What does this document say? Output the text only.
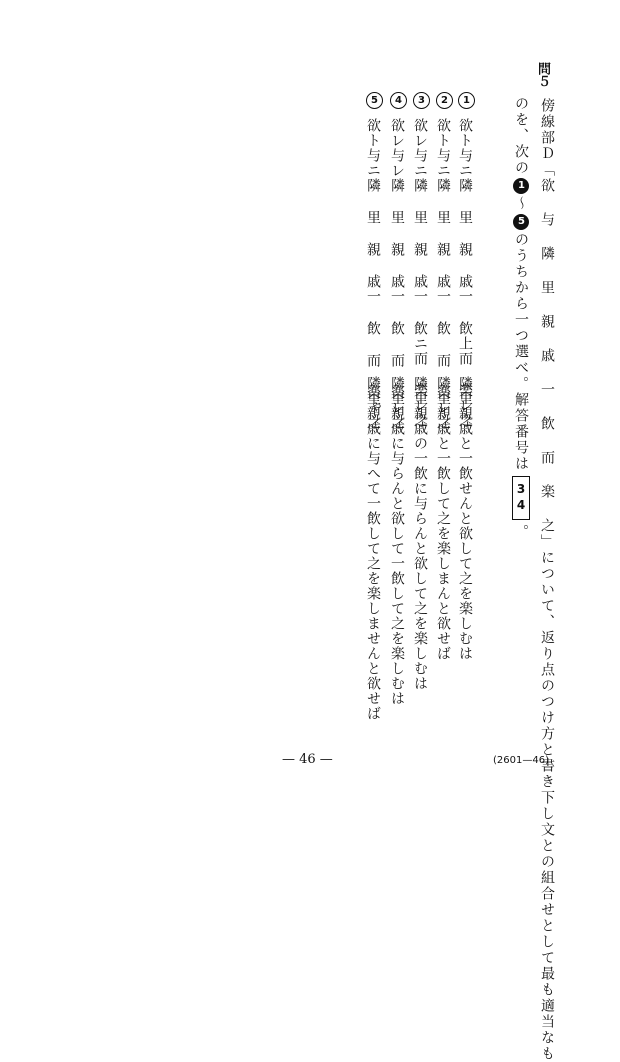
問５
傍線部Ｄ「欲 与 隣 里 親 戚 一 飲 而 楽 之」について、返り点のつけ方と書き下し文との組合せとして最も適当なも
のを、次の1〜5のうちから一つ選べ。解答番号は34。
1
欲ト与ニ隣 里 親 戚一 飲上而 楽レ之
隣里親戚と一飲せんと欲して之を楽しむは
2
欲ト与ニ隣 里 親 戚一 飲 而 楽レ之
隣里親戚と一飲して之を楽しまんと欲せば
3
欲レ与ニ隣 里 親 戚一 飲ニ而 楽レ之
隣里親戚の一飲に与らんと欲して之を楽しむは
4
欲レ与レ隣 里 親 戚一 飲 而 楽レ之
隣里親戚に与らんと欲して一飲して之を楽しむは
5
欲ト与ニ隣 里 親 戚一 飲 而 楽ゃ之
隣里親戚に与へて一飲して之を楽しませんと欲せば
— 46 —	(2601—46)
